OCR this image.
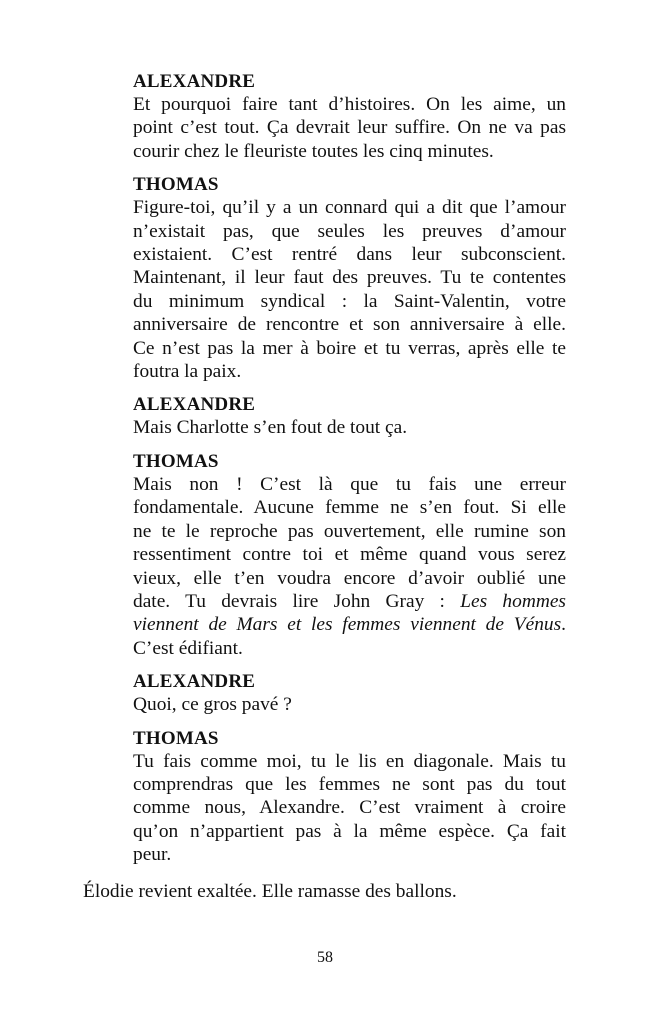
ALEXANDRE
Et pourquoi faire tant d’histoires. On les aime, un
point c’est tout. Ça devrait leur suffire. On ne va pas
courir chez le fleuriste toutes les cinq minutes.
THOMAS
Figure-toi, qu’il y a un connard qui a dit que l’amour
n’existait pas, que seules les preuves d’amour
existaient. C’est rentré dans leur subconscient.
Maintenant, il leur faut des preuves. Tu te contentes
du minimum syndical : la Saint-Valentin, votre
anniversaire de rencontre et son anniversaire à elle.
Ce n’est pas la mer à boire et tu verras, après elle te
foutra la paix.
ALEXANDRE
Mais Charlotte s’en fout de tout ça.
THOMAS
Mais non ! C’est là que tu fais une erreur
fondamentale. Aucune femme ne s’en fout. Si elle
ne te le reproche pas ouvertement, elle rumine son
ressentiment contre toi et même quand vous serez
vieux, elle t’en voudra encore d’avoir oublié une
date. Tu devrais lire John Gray : Les hommes
viennent de Mars et les femmes viennent de Vénus.
C’est édifiant.
ALEXANDRE
Quoi, ce gros pavé ?
THOMAS
Tu fais comme moi, tu le lis en diagonale. Mais tu
comprendras que les femmes ne sont pas du tout
comme nous, Alexandre. C’est vraiment à croire
qu’on n’appartient pas à la même espèce. Ça fait
peur.
Élodie revient exaltée. Elle ramasse des ballons.
58
